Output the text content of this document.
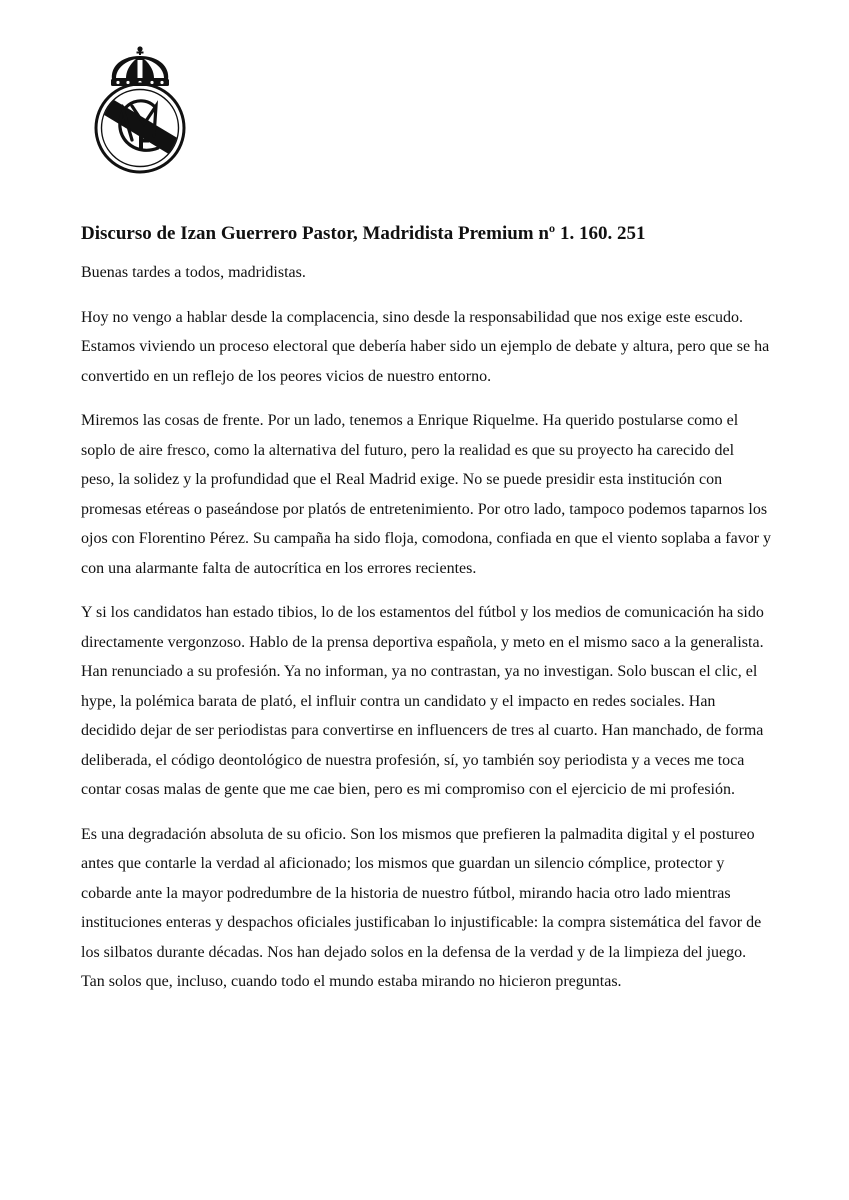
Discurso de Izan Guerrero Pastor, Madridista Premium nº 1. 160. 251

Buenas tardes a todos, madridistas.

Hoy no vengo a hablar desde la complacencia, sino desde la responsabilidad que nos exige este escudo. Estamos viviendo un proceso electoral que debería haber sido un ejemplo de debate y altura, pero que se ha convertido en un reflejo de los peores vicios de nuestro entorno.

Miremos las cosas de frente. Por un lado, tenemos a Enrique Riquelme. Ha querido postularse como el soplo de aire fresco, como la alternativa del futuro, pero la realidad es que su proyecto ha carecido del peso, la solidez y la profundidad que el Real Madrid exige. No se puede presidir esta institución con promesas etéreas o paseándose por platós de entretenimiento. Por otro lado, tampoco podemos taparnos los ojos con Florentino Pérez. Su campaña ha sido floja, comodona, confiada en que el viento soplaba a favor y con una alarmante falta de autocrítica en los errores recientes.

Y si los candidatos han estado tibios, lo de los estamentos del fútbol y los medios de comunicación ha sido directamente vergonzoso. Hablo de la prensa deportiva española, y meto en el mismo saco a la generalista. Han renunciado a su profesión. Ya no informan, ya no contrastan, ya no investigan. Solo buscan el clic, el hype, la polémica barata de plató, el influir contra un candidato y el impacto en redes sociales. Han decidido dejar de ser periodistas para convertirse en influencers de tres al cuarto. Han manchado, de forma deliberada, el código deontológico de nuestra profesión, sí, yo también soy periodista y a veces me toca contar cosas malas de gente que me cae bien, pero es mi compromiso con el ejercicio de mi profesión.

Es una degradación absoluta de su oficio. Son los mismos que prefieren la palmadita digital y el postureo antes que contarle la verdad al aficionado; los mismos que guardan un silencio cómplice, protector y cobarde ante la mayor podredumbre de la historia de nuestro fútbol, mirando hacia otro lado mientras instituciones enteras y despachos oficiales justificaban lo injustificable: la compra sistemática del favor de los silbatos durante décadas. Nos han dejado solos en la defensa de la verdad y de la limpieza del juego. Tan solos que, incluso, cuando todo el mundo estaba mirando no hicieron preguntas.
